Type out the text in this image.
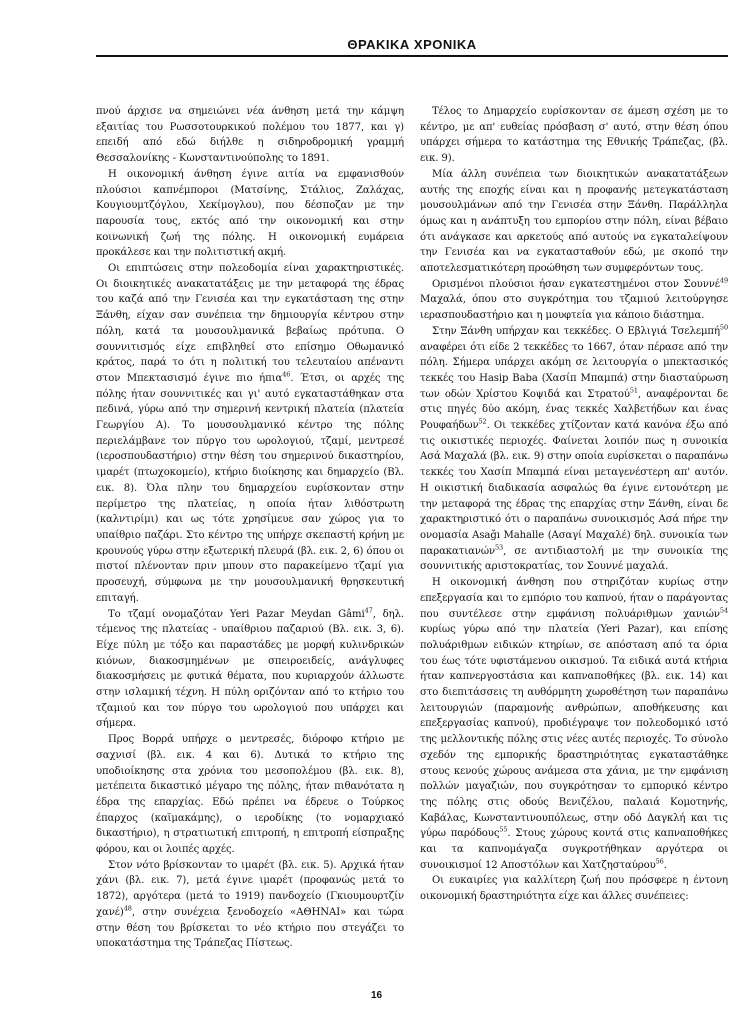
ΘΡΑΚΙΚΑ ΧΡΟΝΙΚΑ

πνού άρχισε να σημειώνει νέα άνθηση μετά την κάμψη εξαιτίας του Ρωσσοτουρκικού πολέμου του 1877, και γ) επειδή από εδώ διήλθε η σιδηροδρομική γραμμή Θεσσαλονίκης - Κωνσταντινούπολης το 1891.

Η οικονομική άνθηση έγινε αιτία να εμφανισθούν πλούσιοι καπνέμποροι (Ματσίνης, Στάλιος, Ζαλάχας, Κουγιουμτζόγλου, Χεκίμογλου), που δέσποζαν με την παρουσία τους, εκτός από την οικονομική και στην κοινωνική ζωή της πόλης. Η οικονομική ευμάρεια προκάλεσε και την πολιτιστική ακμή.

Οι επιπτώσεις στην πολεοδομία είναι χαρακτηριστικές. Οι διοικητικές ανακατατάξεις με την μεταφορά της έδρας του καζά από την Γενισέα και την εγκατάσταση της στην Ξάνθη, είχαν σαν συνέπεια την δημιουργία κέντρου στην πόλη, κατά τα μουσουλμανικά βεβαίως πρότυπα. Ο σουννιτισμός είχε επιβληθεί στο επίσημο Οθωμανικό κράτος, παρά το ότι η πολιτική του τελευταίου απέναντι στον Μπεκτασισμό έγινε πιο ήπια$^{46}$. Έτσι, οι αρχές της πόλης ήταν σουννιτικές και γι' αυτό εγκαταστάθηκαν στα πεδινά, γύρω από την σημερινή κεντρική πλατεία (πλατεία Γεωργίου Α). Το μουσουλμανικό κέντρο της πόλης περιελάμβανε τον πύργο του ωρολογιού, τζαμί, μεντρεσέ (ιεροσπουδαστήριο) στην θέση του σημερινού δικαστηρίου, ιμαρέτ (πτωχοκομείο), κτήριο διοίκησης και δημαρχείο (Βλ. εικ. 8). Όλα πλην του δημαρχείου ευρίσκονταν στην περίμετρο της πλατείας, η οποία ήταν λιθόστρωτη (καλντιρίμι) και ως τότε χρησίμευε σαν χώρος για το υπαίθριο παζάρι. Στο κέντρο της υπήρχε σκεπαστή κρήνη με κρουνούς γύρω στην εξωτερική πλευρά (βλ. εικ. 2, 6) όπου οι πιστοί πλένονταν πριν μπουν στο παρακείμενο τζαμί για προσευχή, σύμφωνα με την μουσουλμανική θρησκευτική επιταγή.

Το τζαμί ονομαζόταν Yeri Pazar Meydan Gâmi$^{47}$, δηλ. τέμενος της πλατείας - υπαίθριου παζαριού (Βλ. εικ. 3, 6). Είχε πύλη με τόξο και παραστάδες με μορφή κυλινδρικών κιόνων, διακοσμημένων με σπειροειδείς, ανάγλυφες διακοσμήσεις με φυτικά θέματα, που κυριαρχούν άλλωστε στην ισλαμική τέχνη. Η πύλη οριζόνταν από το κτήριο του τζαμιού και τον πύργο του ωρολογιού που υπάρχει και σήμερα.

Προς Βορρά υπήρχε ο μεντρεσές, διόροφο κτήριο με σαχνισί (βλ. εικ. 4 και 6). Δυτικά το κτήριο της υποδιοίκησης στα χρόνια του μεσοπολέμου (βλ. εικ. 8), μετέπειτα δικαστικό μέγαρο της πόλης, ήταν πιθανότατα η έδρα της επαρχίας. Εδώ πρέπει να έδρευε ο Τούρκος έπαρχος (καϊμακάμης), ο ιεροδίκης (το νομαρχιακό δικαστήριο), η στρατιωτική επιτροπή, η επιτροπή είσπραξης φόρου, και οι λοιπές αρχές.

Στον νότο βρίσκονταν το ιμαρέτ (βλ. εικ. 5). Αρχικά ήταν χάνι (βλ. εικ. 7), μετά έγινε ιμαρέτ (προφανώς μετά το 1872), αργότερα (μετά το 1919) πανδοχείο (Γκιουμουρτζίν χανέ)$^{48}$, στην συνέχεια ξενοδοχείο «ΑΘΗΝΑΙ» και τώρα στην θέση του βρίσκεται το νέο κτήριο που στεγάζει το υποκατάστημα της Τράπεζας Πίστεως.

Τέλος το Δημαρχείο ευρίσκονταν σε άμεση σχέση με το κέντρο, με απ' ευθείας πρόσβαση σ' αυτό, στην θέση όπου υπάρχει σήμερα το κατάστημα της Εθνικής Τράπεζας, (βλ. εικ. 9).

Μία άλλη συνέπεια των διοικητικών ανακατατάξεων αυτής της εποχής είναι και η προφανής μετεγκατάσταση μουσουλμάνων από την Γενισέα στην Ξάνθη. Παράλληλα όμως και η ανάπτυξη του εμπορίου στην πόλη, είναι βέβαιο ότι ανάγκασε και αρκετούς από αυτούς να εγκαταλείψουν την Γενισέα και να εγκατασταθούν εδώ, με σκοπό την αποτελεσματικότερη προώθηση των συμφερόντων τους.

Ορισμένοι πλούσιοι ήσαν εγκατεστημένοι στον Σουννέ$^{49}$ Μαχαλά, όπου στο συγκρότημα του τζαμιού λειτούργησε ιερασπουδαστήριο και η μουφτεία για κάποιο διάστημα.

Στην Ξάνθη υπήρχαν και τεκκέδες. Ο Εβλιγιά Τσελεμπή$^{50}$ αναφέρει ότι είδε 2 τεκκέδες το 1667, όταν πέρασε από την πόλη. Σήμερα υπάρχει ακόμη σε λειτουργία ο μπεκτασικός τεκκές του Hasip Baba (Χασίπ Μπαμπά) στην διασταύρωση των οδών Χρίστου Κοψιδά και Στρατού$^{51}$, αναφέρονται δε στις πηγές δύο ακόμη, ένας τεκκές Χαλβετήδων και ένας Ρουφαήδων$^{52}$. Οι τεκκέδες χτίζονταν κατά κανόνα έξω από τις οικιστικές περιοχές. Φαίνεται λοιπόν πως η συνοικία Ασά Μαχαλά (βλ. εικ. 9) στην οποία ευρίσκεται ο παραπάνω τεκκές του Χασίπ Μπαμπά είναι μεταγενέστερη απ' αυτόν. Η οικιστική διαδικασία ασφαλώς θα έγινε εντονότερη με την μεταφορά της έδρας της επαρχίας στην Ξάνθη, είναι δε χαρακτηριστικό ότι ο παραπάνω συνοικισμός Ασά πήρε την ονομασία Asağı Mahalle (Ασαγί Μαχαλέ) δηλ. συνοικία των παρακατιανών$^{53}$, σε αντιδιαστολή με την συνοικία της σουννιτικής αριστοκρατίας, τον Σουννέ μαχαλά.

Η οικονομική άνθηση που στηριζόταν κυρίως στην επεξεργασία και το εμπόριο του καπνού, ήταν ο παράγοντας που συντέλεσε στην εμφάνιση πολυάριθμων χανιών$^{54}$ κυρίως γύρω από την πλατεία (Yeri Pazar), και επίσης πολυάριθμων ειδικών κτηρίων, σε απόσταση από τα όρια του έως τότε υφιστάμενου οικισμού. Τα ειδικά αυτά κτήρια ήταν καπνεργοστάσια και καπναποθήκες (βλ. εικ. 14) και στο διεπιτάσσεις τη αυθόρμητη χωροθέτηση των παραπάνω λειτουργιών (παραμονής ανθρώπων, αποθήκευσης και επεξεργασίας καπνού), προδιέγραψε τον πολεοδομικό ιστό της μελλοντικής πόλης στις νέες αυτές περιοχές. Το σύνολο σχεδόν της εμπορικής δραστηριότητας εγκαταστάθηκε στους κενούς χώρους ανάμεσα στα χάνια, με την εμφάνιση πολλών μαγαζιών, που συγκρότησαν το εμπορικό κέντρο της πόλης στις οδούς Βενιζέλου, παλαιά Κομοτηνής, Καβάλας, Κωνσταντινουπόλεως, στην οδό Δαγκλή και τις γύρω παρόδους$^{55}$. Στους χώρους κοντά στις καπναποθήκες και τα καπνομάγαζα συγκροτήθηκαν αργότερα οι συνοικισμοί 12 Αποστόλων και Χατζησταύρου$^{56}$.

Οι ευκαιρίες για καλλίτερη ζωή που πρόσφερε η έντονη οικονομική δραστηριότητα είχε και άλλες συνέπειες:

16
